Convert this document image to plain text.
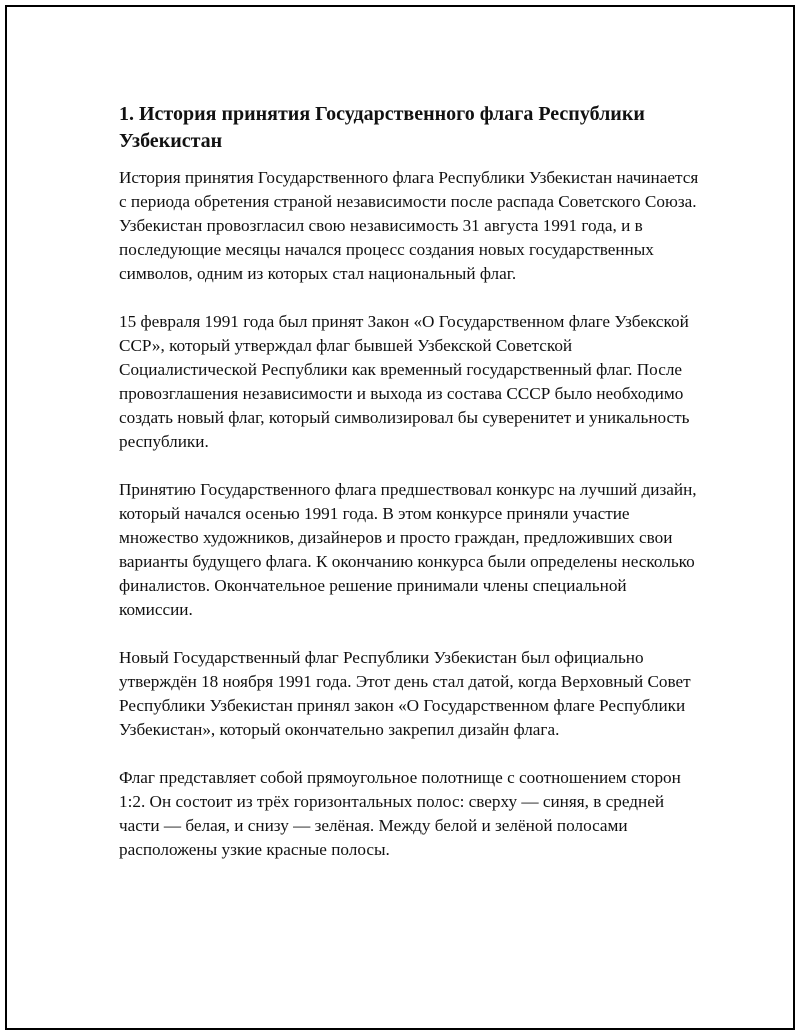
1. История принятия Государственного флага Республики Узбекистан

История принятия Государственного флага Республики Узбекистан начинается с периода обретения страной независимости после распада Советского Союза. Узбекистан провозгласил свою независимость 31 августа 1991 года, и в последующие месяцы начался процесс создания новых государственных символов, одним из которых стал национальный флаг.

15 февраля 1991 года был принят Закон «О Государственном флаге Узбекской ССР», который утверждал флаг бывшей Узбекской Советской Социалистической Республики как временный государственный флаг. После провозглашения независимости и выхода из состава СССР было необходимо создать новый флаг, который символизировал бы суверенитет и уникальность республики.

Принятию Государственного флага предшествовал конкурс на лучший дизайн, который начался осенью 1991 года. В этом конкурсе приняли участие множество художников, дизайнеров и просто граждан, предложивших свои варианты будущего флага. К окончанию конкурса были определены несколько финалистов. Окончательное решение принимали члены специальной комиссии.

Новый Государственный флаг Республики Узбекистан был официально утверждён 18 ноября 1991 года. Этот день стал датой, когда Верховный Совет Республики Узбекистан принял закон «О Государственном флаге Республики Узбекистан», который окончательно закрепил дизайн флага.

Флаг представляет собой прямоугольное полотнище с соотношением сторон 1:2. Он состоит из трёх горизонтальных полос: сверху — синяя, в средней части — белая, и снизу — зелёная. Между белой и зелёной полосами расположены узкие красные полосы.
